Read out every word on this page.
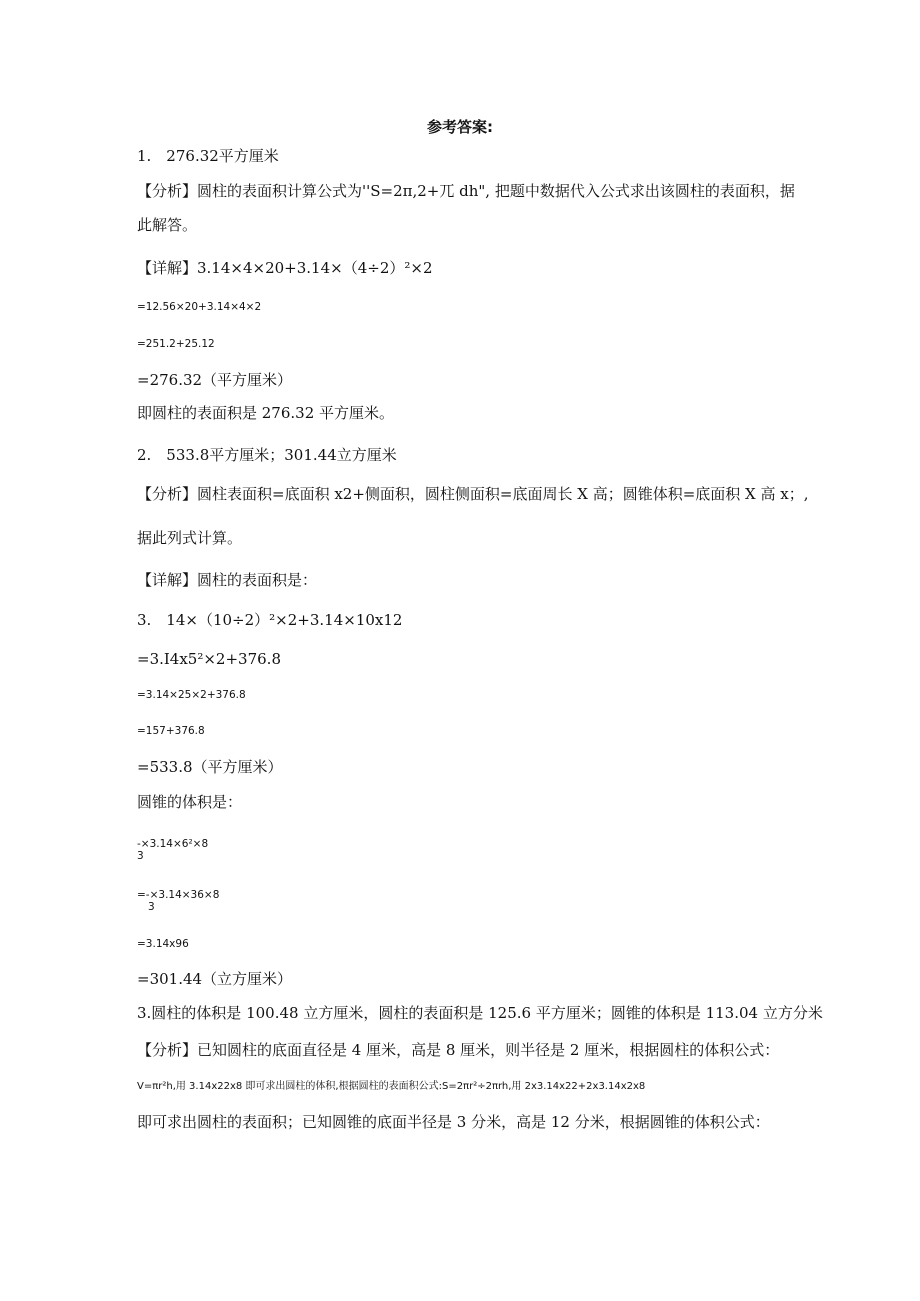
参考答案:
1.　276.32平方厘米
【分析】圆柱的表面积计算公式为''S=2π,2+兀 dh", 把题中数据代入公式求出该圆柱的表面积，据
此解答。
【详解】3.14×4×20+3.14×（4÷2）²×2
=12.56×20+3.14×4×2
=251.2+25.12
=276.32（平方厘米）
即圆柱的表面积是 276.32 平方厘米。
2.　533.8平方厘米；301.44立方厘米
【分析】圆柱表面积=底面积 x2+侧面积，圆柱侧面积=底面周长 X 高；圆锥体积=底面积 X 高 x；,
据此列式计算。
【详解】圆柱的表面积是：
3.　14×（10÷2）²×2+3.14×10x12
=3.I4x5²×2+376.8
=3.14×25×2+376.8
=157+376.8
=533.8（平方厘米）
圆锥的体积是：
-×3.14×6²×8
3
=-×3.14×36×8
3
=3.14x96
=301.44（立方厘米）
3.圆柱的体积是 100.48 立方厘米，圆柱的表面积是 125.6 平方厘米；圆锥的体积是 113.04 立方分米
【分析】已知圆柱的底面直径是 4 厘米，高是 8 厘米，则半径是 2 厘米，根据圆柱的体积公式：
V=πr²h,用 3.14x22x8 即可求出圆柱的体积,根据圆柱的表面积公式:S=2πr²÷2πrh,用 2x3.14x22+2x3.14x2x8
即可求出圆柱的表面积；已知圆锥的底面半径是 3 分米，高是 12 分米，根据圆锥的体积公式：
